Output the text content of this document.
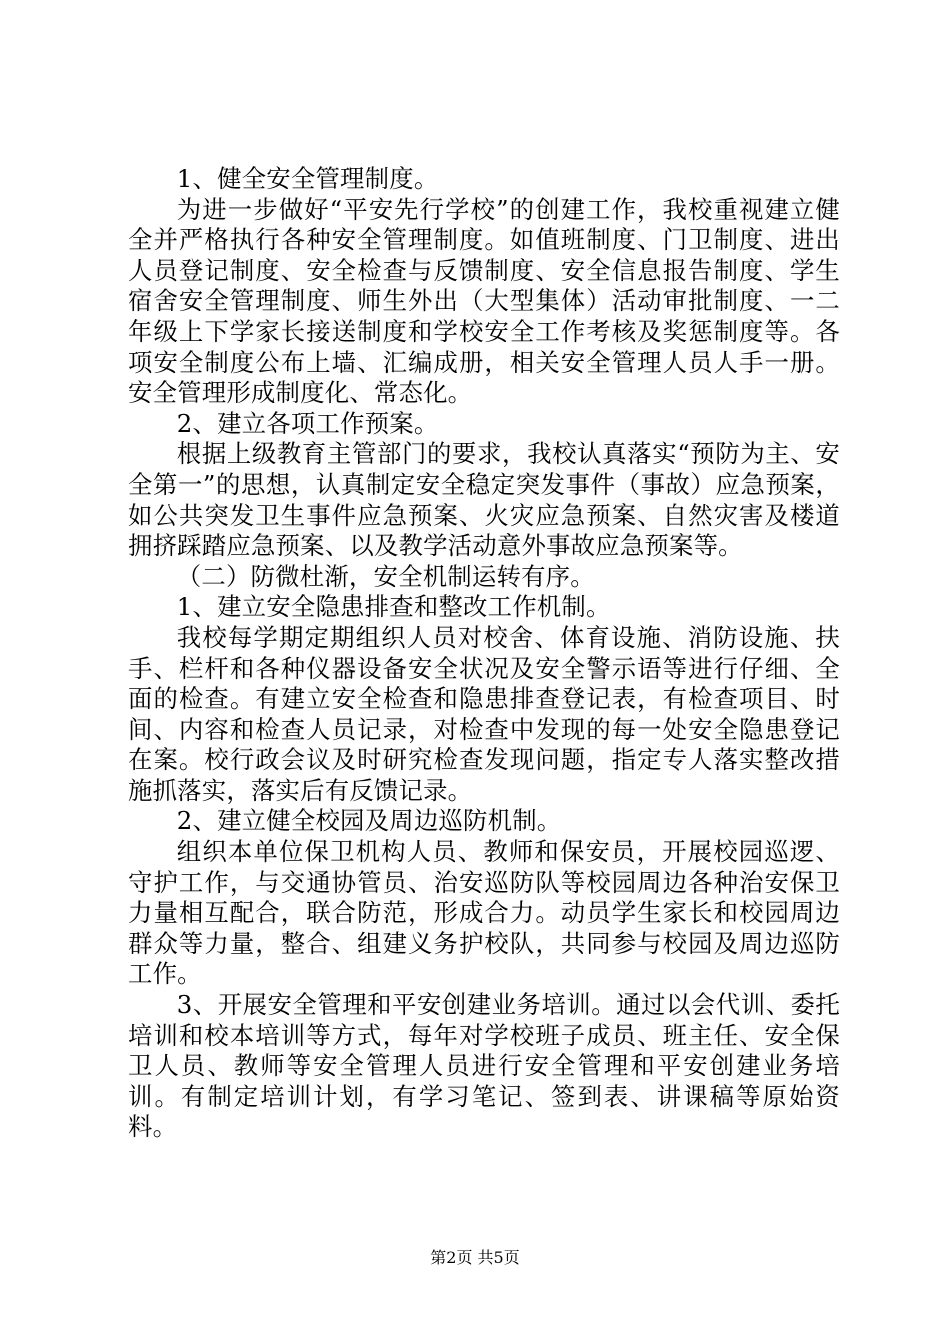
1、健全安全管理制度。

为进一步做好“平安先行学校”的创建工作，我校重视建立健全并严格执行各种安全管理制度。如值班制度、门卫制度、进出人员登记制度、安全检查与反馈制度、安全信息报告制度、学生宿舍安全管理制度、师生外出（大型集体）活动审批制度、一二年级上下学家长接送制度和学校安全工作考核及奖惩制度等。各项安全制度公布上墙、汇编成册，相关安全管理人员人手一册。安全管理形成制度化、常态化。

2、建立各项工作预案。

根据上级教育主管部门的要求，我校认真落实“预防为主、安全第一”的思想，认真制定安全稳定突发事件（事故）应急预案，如公共突发卫生事件应急预案、火灾应急预案、自然灾害及楼道拥挤踩踏应急预案、以及教学活动意外事故应急预案等。

（二）防微杜渐，安全机制运转有序。

1、建立安全隐患排查和整改工作机制。

我校每学期定期组织人员对校舍、体育设施、消防设施、扶手、栏杆和各种仪器设备安全状况及安全警示语等进行仔细、全面的检查。有建立安全检查和隐患排查登记表，有检查项目、时间、内容和检查人员记录，对检查中发现的每一处安全隐患登记在案。校行政会议及时研究检查发现问题，指定专人落实整改措施抓落实，落实后有反馈记录。

2、建立健全校园及周边巡防机制。

组织本单位保卫机构人员、教师和保安员，开展校园巡逻、守护工作，与交通协管员、治安巡防队等校园周边各种治安保卫力量相互配合，联合防范，形成合力。动员学生家长和校园周边群众等力量，整合、组建义务护校队，共同参与校园及周边巡防工作。

3、开展安全管理和平安创建业务培训。通过以会代训、委托培训和校本培训等方式，每年对学校班子成员、班主任、安全保卫人员、教师等安全管理人员进行安全管理和平安创建业务培训。有制定培训计划，有学习笔记、签到表、讲课稿等原始资料。

第2页 共5页
